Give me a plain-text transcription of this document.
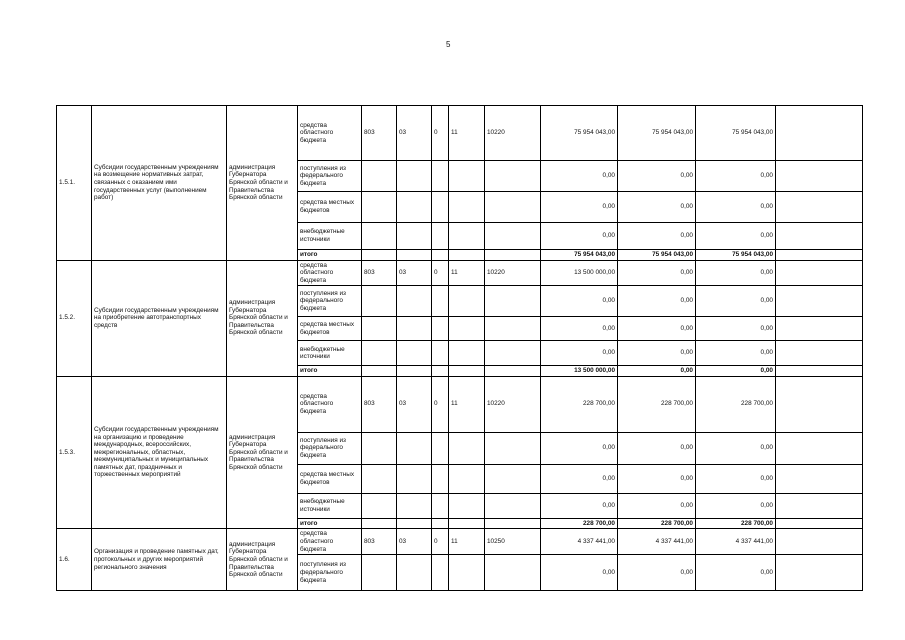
5
1.5.1.	Субсидии государственным учреждениям на возмещение нормативных затрат, связанных с оказанием ими государственных услуг (выполнением работ)	администрация Губернатора Брянской области и Правительства Брянской области	средства областного бюджета	803	03	0	11	10220	75 954 043,00	75 954 043,00	75 954 043,00	
			поступления из федерального бюджета						0,00	0,00	0,00	
			средства местных бюджетов						0,00	0,00	0,00	
			внебюджетные источники						0,00	0,00	0,00	
			итого						75 954 043,00	75 954 043,00	75 954 043,00	
1.5.2.	Субсидии государственным учреждениям на приобретение автотранспортных средств	администрация Губернатора Брянской области и Правительства Брянской области	средства областного бюджета	803	03	0	11	10220	13 500 000,00	0,00	0,00	
			поступления из федерального бюджета						0,00	0,00	0,00	
			средства местных бюджетов						0,00	0,00	0,00	
			внебюджетные источники						0,00	0,00	0,00	
			итого						13 500 000,00	0,00	0,00	
1.5.3.	Субсидии государственным учреждениям на организацию и проведение международных, всероссийских, межрегиональных, областных, межмуниципальных и муниципальных памятных дат, праздничных и торжественных мероприятий	администрация Губернатора Брянской области и Правительства Брянской области	средства областного бюджета	803	03	0	11	10220	228 700,00	228 700,00	228 700,00	
			поступления из федерального бюджета						0,00	0,00	0,00	
			средства местных бюджетов						0,00	0,00	0,00	
			внебюджетные источники						0,00	0,00	0,00	
			итого						228 700,00	228 700,00	228 700,00	
1.6.	Организация и проведение памятных дат, протокольных и других мероприятий регионального значения	администрация Губернатора Брянской области и Правительства Брянской области	средства областного бюджета	803	03	0	11	10250	4 337 441,00	4 337 441,00	4 337 441,00	
			поступления из федерального бюджета						0,00	0,00	0,00	
